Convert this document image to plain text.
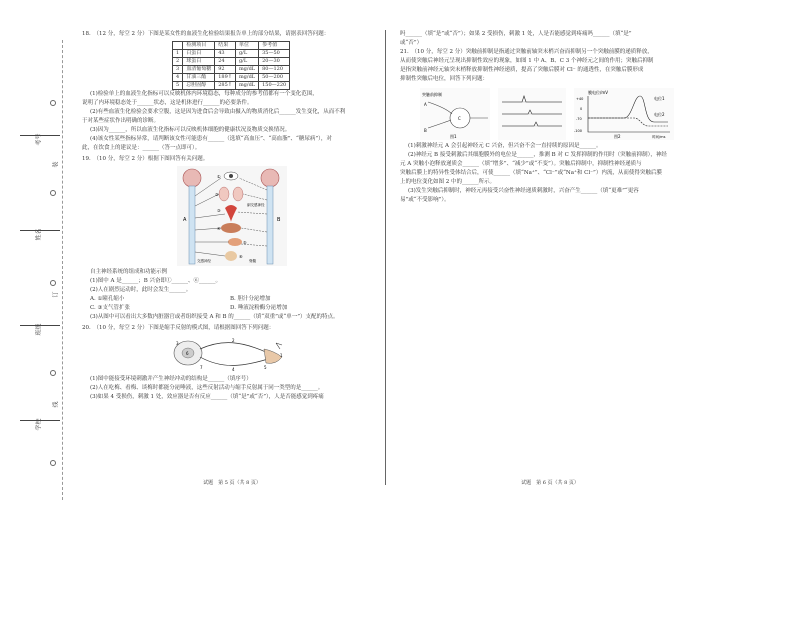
考号
姓名
班级
学校
装
订
线
18.　（12 分，每空 2 分）下图是某女性的血液生化检验结果报告单上的部分结果，请据表回答问题：
	检测项目	结果	单位	参考值
1	白蛋白	43	g/L	35—50
2	球蛋白	24	g/L	20—30
3	血清葡萄糖	92	mg/dL	80—120
4	甘油三酯	189↑	mg/dL	50—200
5	总胆固醇	285↑	mg/dL	150—220
(1)检验单上的血液生化指标可以反映机体内环境稳态，每种成分的参考值都有一个变化范围，
说明了内环境稳态处于______状态，这是机体进行______的必要条件。
(2)有些血液生化检验会要求空腹，这是因为进食后会导致由摄入的物质消化后______发生变化，从而不利
于对某些症状作出明确的诊断。
(3)因为______，所以血液生化指标可以反映机体细胞的健康状况及物质交换情况。
(4)该女性某些指标异常，请判断该女性可能患有______（选填“高血压”、“高血脂”、“糖尿病”），对
此，在饮食上的建议是：______（答一点即可）。
19.　（10 分，每空 2 分）根据下图回答有关问题。
A	B
①
②
③
④
⑤
⑥
脊髓
交感神经
副交感神经
自主神经系统的组成和功能示例
(1)图中 A 是______；B 兴奋即①______、⑥______。
(2)人在剧烈运动时，此时会发生______。
A. ①瞳孔缩小	B. 胆汁分泌增加
C. ③支气管扩张	D. 唾液淀粉酶分泌增加
(3)从图中可以看出大多数内脏器官或者组织接受 A 和 B 的______（填“双重”或“单一”）支配的特点。
20.　（10 分，每空 2 分）下图是缩手反射的模式图，请根据图回答下列问题：
1
2
3
4	5
6
7
(1)图中能接受环境刺激并产生神经冲动的结构是______（填序号）
(2)人在吃梅、看梅、谈梅时都能分泌唾液，这些反射活动与缩手反射属于同一类型的是______。
(3)如果 4 受损伤，刺激 1 处，效应器是否有反应______（填“是”或“否”），人是否能感觉到疼痛
试题　第 5 页（共 8 页）
吗______（填“是”或“否”）；如果 2 受损伤，刺激 1 处，人是否能感觉到疼痛吗______（填“是”
或“否”）
21.　（10 分，每空 2 分）突触前抑制是指通过突触前轴突末梢兴奋而抑制另一个突触前膜的递质释放，
从而使突触后神经元呈现出抑制性效应的现象，如图 1 中 A、B、C 3 个神经元之间的作用；突触后抑制
是指突触前神经元轴突末梢释放抑制性神经递质，提高了突触后膜对 Cl⁻ 的通透性，在突触后膜形成
抑制性突触后电位，回答下列问题：
突触前抑制
A
B
C
图1
膜电位/mV
电位1
电位2
+40
0
-70
-100
时间/ms
图2
(1)刺激神经元 A 会引起神经元 C 兴奋，但兴奋不会一直持续的原因是______。
(2)神经元 B 接受刺激后其细胞膜外的电位是______，推测 B 对 C 发挥抑制的作用时（突触前抑制），神经
元 A 突触小泡释放递质会______（填“增多”、“减少”或“不变”）。突触后抑制中，抑制性神经递质与
突触后膜上的特异性受体结合后，可使______（填“Na⁺”、“Cl⁻”或“Na⁺和 Cl⁻”）内流，从而使得突触后膜
上的电位变化如图 2 中的______所示。
(3)发生突触后抑制时，神经元再接受兴奋性神经递质刺激时，兴奋产生______（填“更难”“更容
易”或“不受影响”）。
试题　第 6 页（共 8 页）
